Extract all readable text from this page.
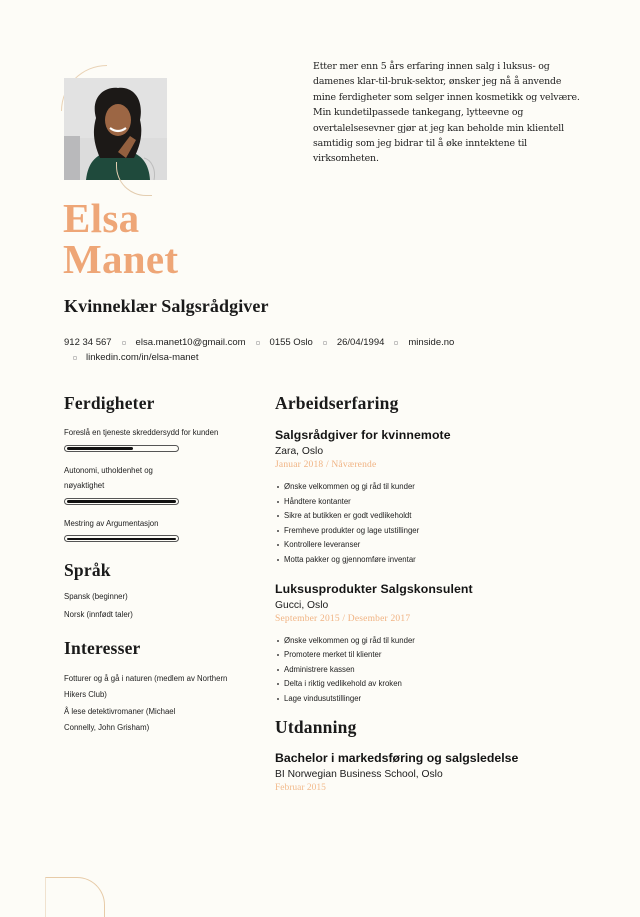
Etter mer enn 5 års erfaring innen salg i luksus- og damenes klar-til-bruk-sektor, ønsker jeg nå å anvende mine ferdigheter som selger innen kosmetikk og velvære. Min kundetilpassede tankegang, lytteevne og overtalelsesevner gjør at jeg kan beholde min klientell samtidig som jeg bidrar til å øke inntektene til virksomheten.

Elsa
Manet
Kvinneklær Salgsrådgiver
912 34 567	elsa.manet10@gmail.com	0155 Oslo	26/04/1994	minside.no
linkedin.com/in/elsa-manet
Ferdigheter
Foreslå en tjeneste skreddersydd for kunden
Autonomi, utholdenhet og nøyaktighet
Mestring av Argumentasjon
Språk
Spansk (beginner)
Norsk (innfødt taler)
Interesser
Fotturer og å gå i naturen (medlem av Northern Hikers Club)
Å lese detektivromaner (Michael Connelly, John Grisham)
Arbeidserfaring
Salgsrådgiver for kvinnemote
Zara, Oslo
Januar 2018 / Nåværende
Ønske velkommen og gi råd til kunder
Håndtere kontanter
Sikre at butikken er godt vedlikeholdt
Fremheve produkter og lage utstillinger
Kontrollere leveranser
Motta pakker og gjennomføre inventar
Luksusprodukter Salgskonsulent
Gucci, Oslo
September 2015 / Desember 2017
Ønske velkommen og gi råd til kunder
Promotere merket til klienter
Administrere kassen
Delta i riktig vedlikehold av kroken
Lage vindusutstillinger
Utdanning
Bachelor i markedsføring og salgsledelse
BI Norwegian Business School, Oslo
Februar 2015
